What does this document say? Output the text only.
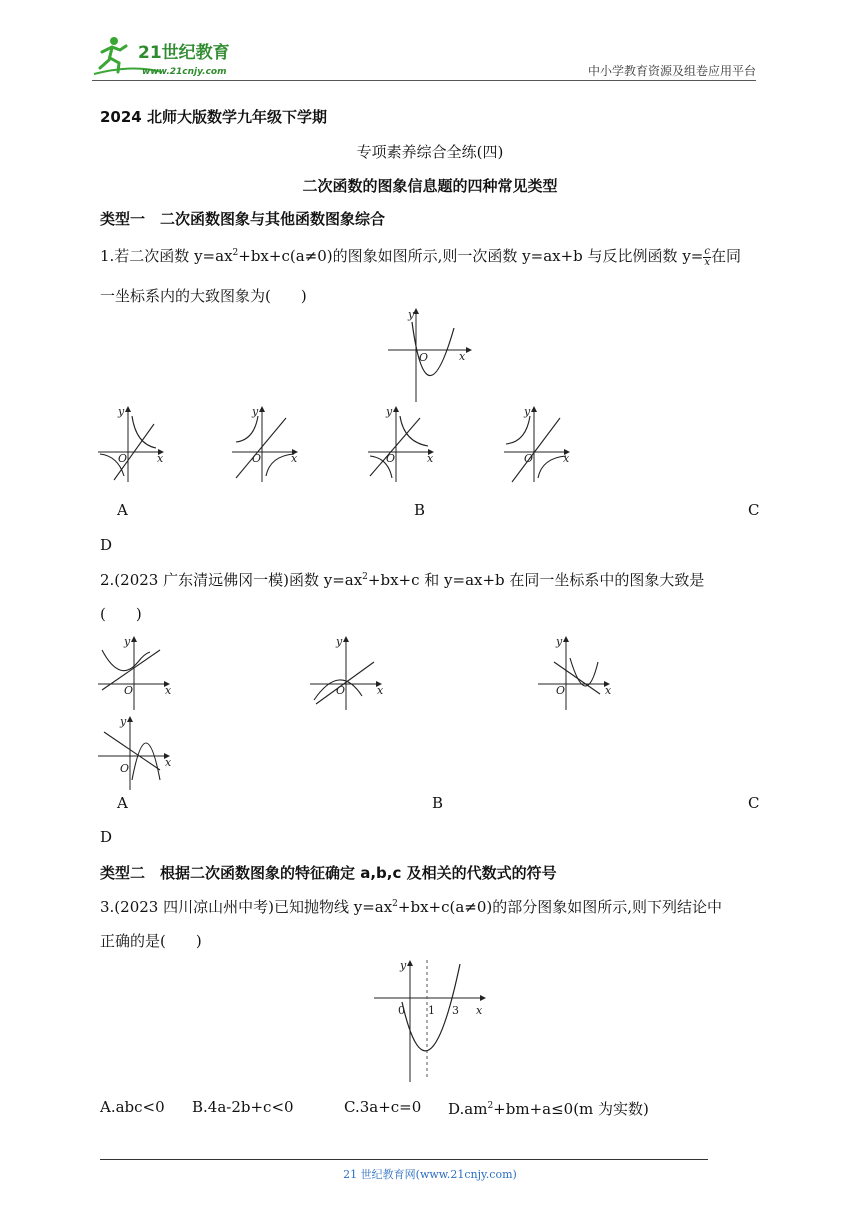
21世纪教育
www.21cnjy.com	中小学教育资源及组卷应用平台
2024 北师大版数学九年级下学期
专项素养综合全练(四)
二次函数的图象信息题的四种常见类型
类型一　二次函数图象与其他函数图象综合
1.若二次函数 $y=ax^2+bx+c(a\ne 0)$的图象如图所示,则一次函数 y=ax+b 与反比例函数 $y= \frac{c}{x}$ 在同
一坐标系内的大致图象为(　　)
y
x
O
y
x
O
y
x
O
y
x
O
y
x
O
A	B	C
D
2.(2023 广东清远佛冈一模)函数 $y=ax^2+bx+c$ 和 y=ax+b 在同一坐标系中的图象大致是
(　　)
y
x
O
y
x
O
y
x
O
y
x
O
A	B	C
D
类型二　根据二次函数图象的特征确定 a,b,c 及相关的代数式的符号
3.(2023 四川凉山州中考)已知抛物线 $y=ax^2+bx+c(a\ne 0)$的部分图象如图所示,则下列结论中
正确的是(　　)
y
x
0 1 3
A.abc<0 B.4a-2b+c<0	C.3a+c=0 $D.am^2+bm+a\le 0(m$ 为实数)
21 世纪教育网(www.21cnjy.com)
